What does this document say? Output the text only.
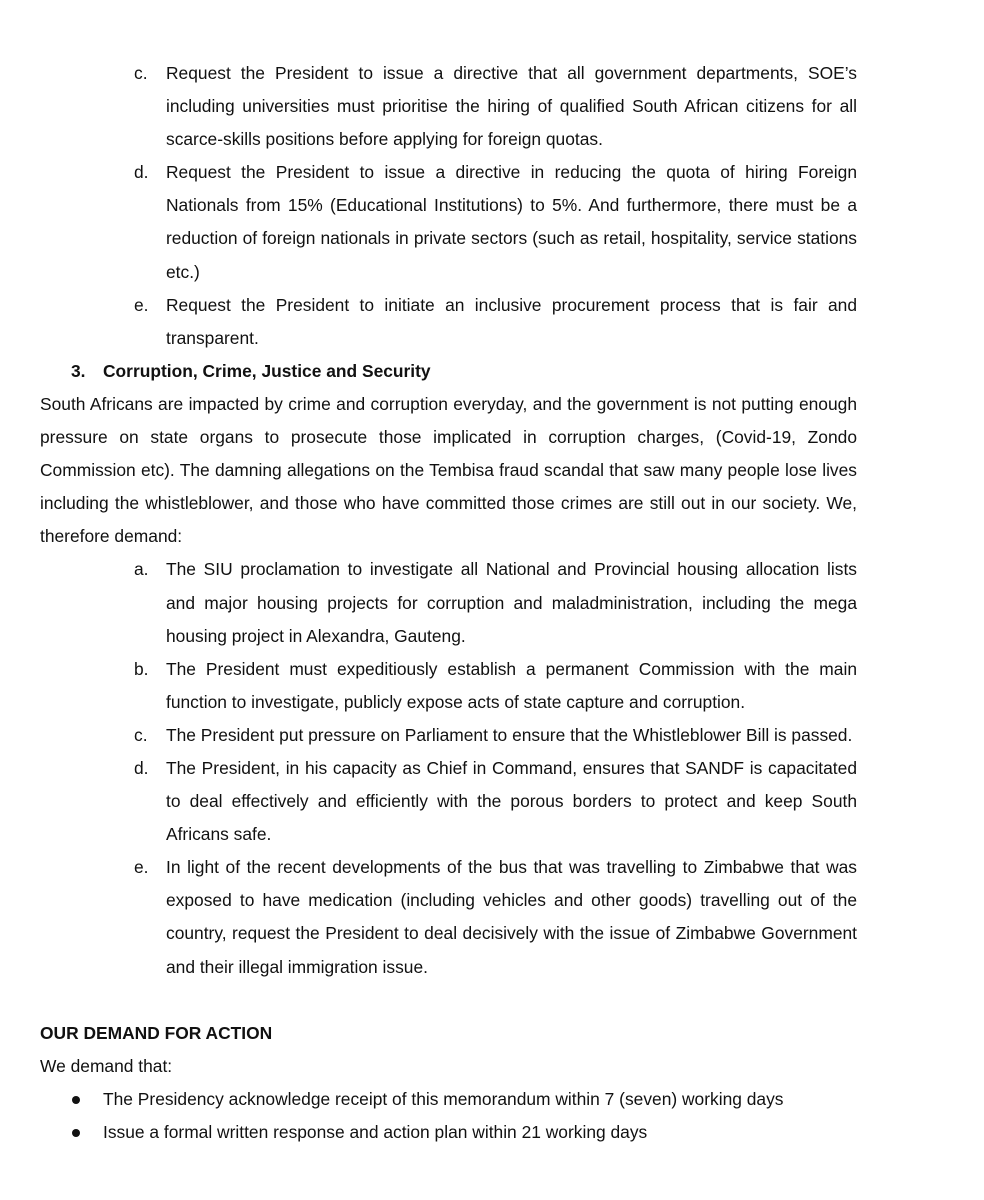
c. Request the President to issue a directive that all government departments, SOE’s including universities must prioritise the hiring of qualified South African citizens for all scarce-skills positions before applying for foreign quotas.
d. Request the President to issue a directive in reducing the quota of hiring Foreign Nationals from 15% (Educational Institutions) to 5%. And furthermore, there must be a reduction of foreign nationals in private sectors (such as retail, hospitality, service stations etc.)
e. Request the President to initiate an inclusive procurement process that is fair and transparent.
3. Corruption, Crime, Justice and Security
South Africans are impacted by crime and corruption everyday, and the government is not putting enough pressure on state organs to prosecute those implicated in corruption charges, (Covid-19, Zondo Commission etc). The damning allegations on the Tembisa fraud scandal that saw many people lose lives including the whistleblower, and those who have committed those crimes are still out in our society. We, therefore demand:
a. The SIU proclamation to investigate all National and Provincial housing allocation lists and major housing projects for corruption and maladministration, including the mega housing project in Alexandra, Gauteng.
b. The President must expeditiously establish a permanent Commission with the main function to investigate, publicly expose acts of state capture and corruption.
c. The President put pressure on Parliament to ensure that the Whistleblower Bill is passed.
d. The President, in his capacity as Chief in Command, ensures that SANDF is capacitated to deal effectively and efficiently with the porous borders to protect and keep South Africans safe.
e. In light of the recent developments of the bus that was travelling to Zimbabwe that was exposed to have medication (including vehicles and other goods) travelling out of the country, request the President to deal decisively with the issue of Zimbabwe Government and their illegal immigration issue.
OUR DEMAND FOR ACTION
We demand that:
The Presidency acknowledge receipt of this memorandum within 7 (seven) working days
Issue a formal written response and action plan within 21 working days
